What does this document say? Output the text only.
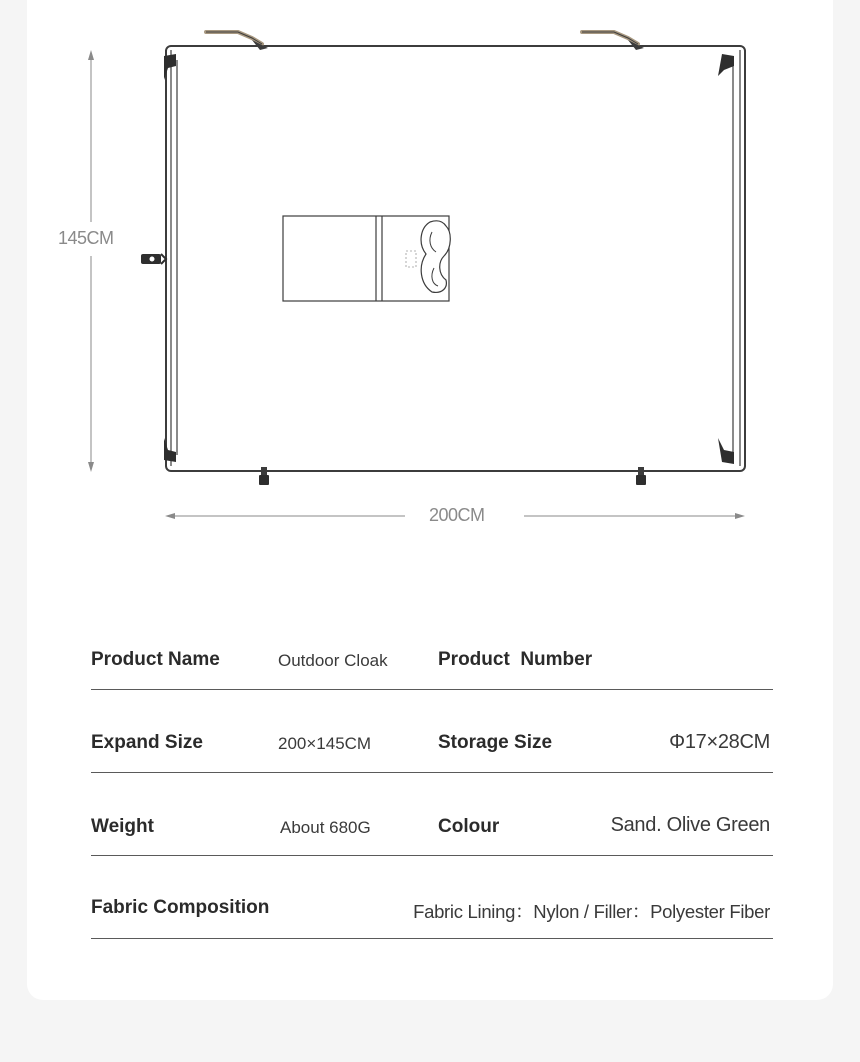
145CM
200CM
Product Name	Outdoor Cloak	Product  Number
Expand Size	200×145CM	Storage Size	Φ17×28CM
Weight	About 680G	Colour	Sand. Olive Green
Fabric Composition	Fabric Lining：Nylon / Filler：Polyester Fiber
